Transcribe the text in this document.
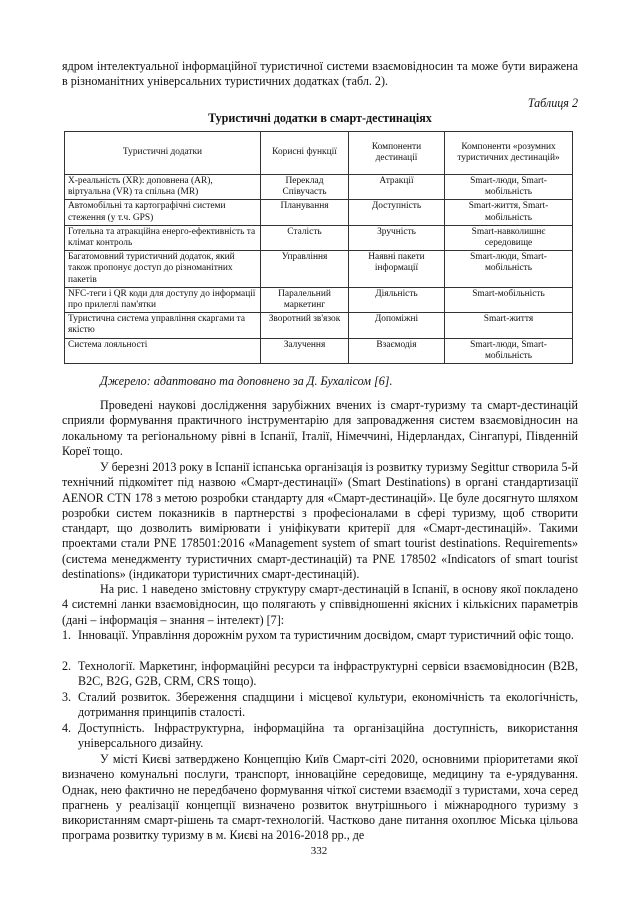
ядром інтелектуальної інформаційної туристичної системи взаємовідносин та може бути виражена в різноманітних універсальних туристичних додатках (табл. 2).

Таблиця 2
Туристичні додатки в смарт-дестинаціях
Туристичні додатки	Корисні функції	Компоненти дестинації	Компоненти «розумних туристичних дестинацій»
X-реальність (XR): доповнена (AR), віртуальна (VR) та спільна (MR)	Переклад Співучасть	Атракції	Smart-люди, Smart-мобільність
Автомобільні та картографічні системи стеження (у т.ч. GPS)	Планування	Доступність	Smart-життя, Smart-мобільність
Готельна та атракційна енерго-ефективність та клімат контроль	Сталість	Зручність	Smart-навколишнє середовище
Багатомовний туристичний додаток, який також пропонує доступ до різноманітних пакетів	Управління	Наявні пакети інформації	Smart-люди, Smart-мобільність
NFC-теги і QR коди для доступу до інформації про прилеглі пам'ятки	Паралельний маркетинг	Діяльність	Smart-мобільність
Туристична система управління скаргами та якістю	Зворотний зв'язок	Допоміжні	Smart-життя
Система лояльності	Залучення	Взаємодія	Smart-люди, Smart-мобільність
Джерело: адаптовано та доповнено за Д. Бухалісом [6].

Проведені наукові дослідження зарубіжних вчених із смарт-туризму та смарт-дестинацій сприяли формування практичного інструментарію для запровадження систем взаємовідносин на локальному та регіональному рівні в Іспанії, Італії, Німеччині, Нідерландах, Сінгапурі, Південній Кореї тощо.

У березні 2013 року в Іспанії іспанська організація із розвитку туризму Segittur створила 5-й технічний підкомітет під назвою «Смарт-дестинації» (Smart Destinations) в органі стандартизації AENOR CTN 178 з метою розробки стандарту для «Смарт-дестинацій». Це буле досягнуто шляхом розробки систем показників в партнерстві з професіоналами в сфері туризму, щоб створити стандарт, що дозволить вимірювати і уніфікувати критерії для «Смарт-дестинацій». Такими проектами стали PNE 178501:2016 «Management system of smart tourist destinations. Requirements» (система менеджменту туристичних смарт-дестинацій) та PNE 178502 «Indicators of smart tourist destinations» (індикатори туристичних смарт-дестинацій).

На рис. 1 наведено змістовну структуру смарт-дестинацій в Іспанії, в основу якої покладено 4 системні ланки взаємовідносин, що полягають у співвідношенні якісних і кількісних параметрів (дані – інформація – знання – інтелект) [7]:

1. Інновації. Управління дорожнім рухом та туристичним досвідом, смарт туристичний офіс тощо.
2. Технології. Маркетинг, інформаційні ресурси та інфраструктурні сервіси взаємовідносин (B2B, B2C, B2G, G2B, CRM, CRS тощо).
3. Сталий розвиток. Збереження спадщини і місцевої культури, економічність та екологічність, дотримання принципів сталості.
4. Доступність. Інфраструктурна, інформаційна та організаційна доступність, використання універсального дизайну.

У місті Києві затверджено Концепцію Київ Смарт-сіті 2020, основними пріоритетами якої визначено комунальні послуги, транспорт, інноваційне середовище, медицину та е-урядування. Однак, нею фактично не передбачено формування чіткої системи взаємодії з туристами, хоча серед прагнень у реалізації концепції визначено розвиток внутрішнього і міжнародного туризму з використанням смарт-рішень та смарт-технологій. Частково дане питання охоплює Міська цільова програма розвитку туризму в м. Києві на 2016-2018 рр., де

332
